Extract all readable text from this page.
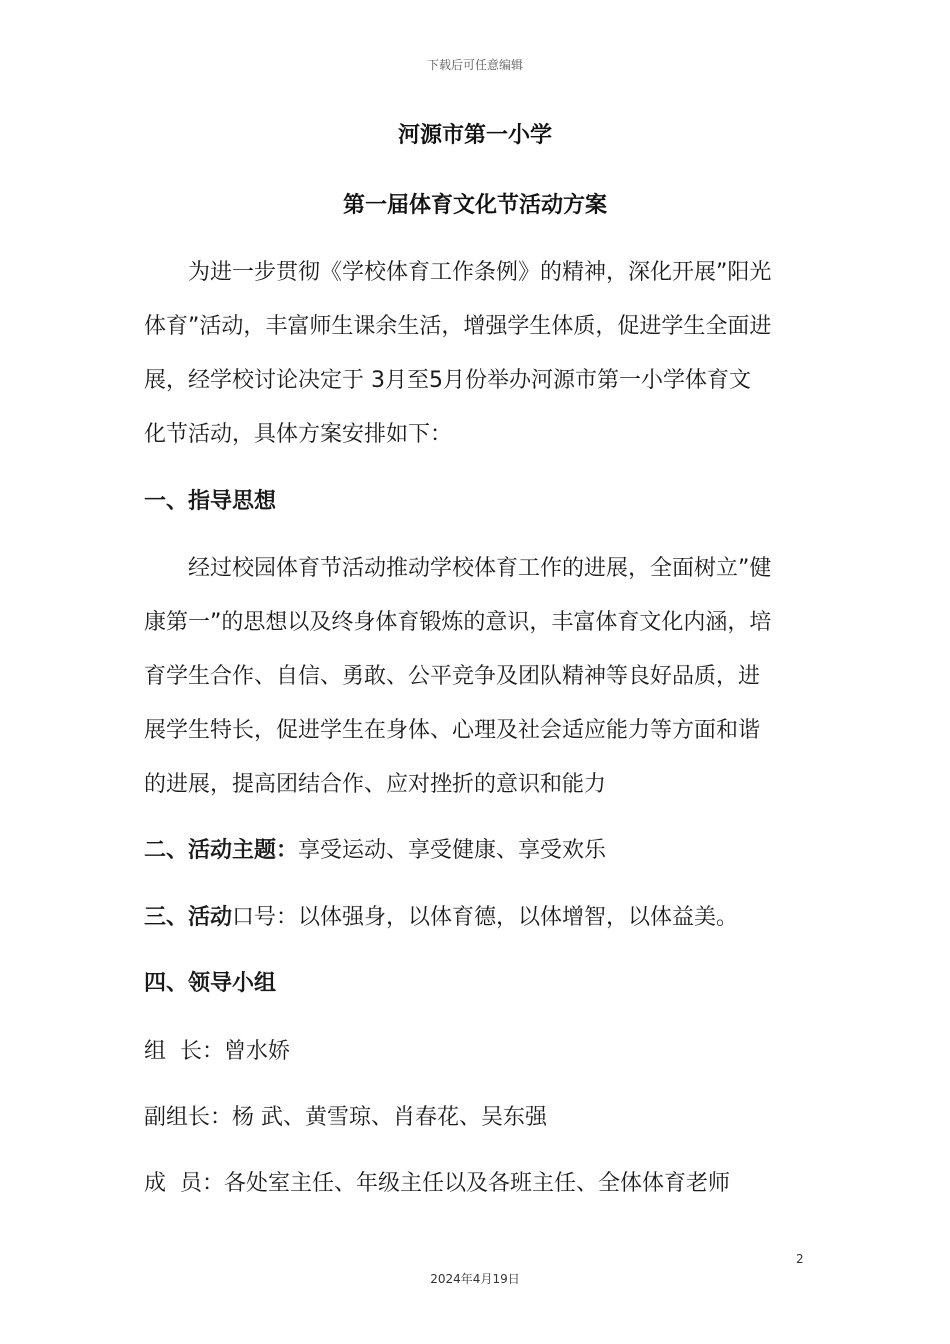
下载后可任意编辑
河源市第一小学
第一届体育文化节活动方案
为进一步贯彻《学校体育工作条例》的精神，深化开展”阳光
体育”活动，丰富师生课余生活，增强学生体质，促进学生全面进
展，经学校讨论决定于 3月至5月份举办河源市第一小学体育文
化节活动，具体方案安排如下：
一、指导思想
经过校园体育节活动推动学校体育工作的进展，全面树立”健
康第一”的思想以及终身体育锻炼的意识，丰富体育文化内涵，培
育学生合作、自信、勇敢、公平竞争及团队精神等良好品质，进
展学生特长，促进学生在身体、心理及社会适应能力等方面和谐
的进展，提高团结合作、应对挫折的意识和能力
二、活动主题：享受运动、享受健康、享受欢乐
三、活动口号：以体强身，以体育德，以体增智，以体益美。
四、领导小组
组  长：曾水娇
副组长：杨 武、黄雪琼、肖春花、吴东强
成  员：各处室主任、年级主任以及各班主任、全体体育老师
2
2024年4月19日
